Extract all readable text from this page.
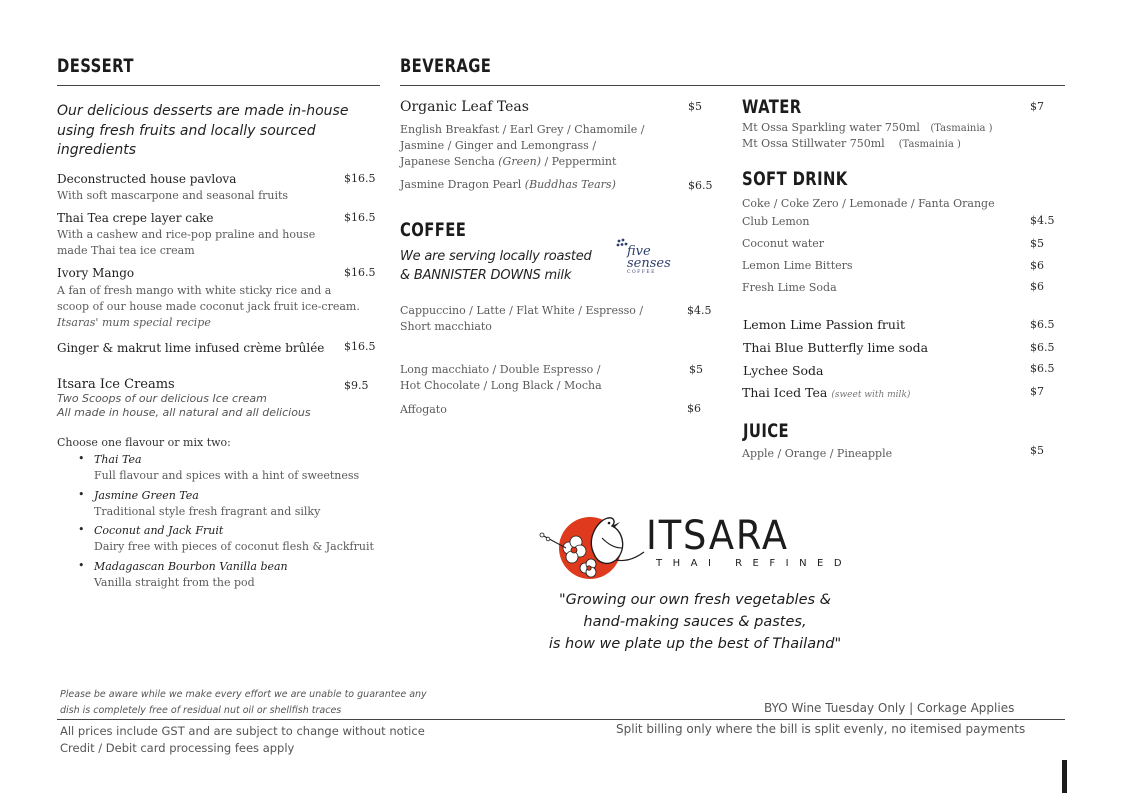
DESSERT
Our delicious desserts are made in-house using fresh fruits and locally sourced ingredients
Deconstructed house pavlova	$16.5
With soft mascarpone and seasonal fruits
Thai Tea crepe layer cake	$16.5
With a cashew and rice-pop praline and house made Thai tea ice cream
Ivory Mango	$16.5
A fan of fresh mango with white sticky rice and a scoop of our house made coconut jack fruit ice-cream. Itsaras' mum special recipe
Ginger & makrut lime infused crème brûlée $16.5
Itsara Ice Creams	$9.5
Two Scoops of our delicious Ice cream
All made in house, all natural and all delicious
Choose one flavour or mix two:
• Thai Tea
Full flavour and spices with a hint of sweetness
• Jasmine Green Tea
Traditional style fresh fragrant and silky
• Coconut and Jack Fruit
Dairy free with pieces of coconut flesh & Jackfruit
• Madagascan Bourbon Vanilla bean
Vanilla straight from the pod
BEVERAGE
Organic Leaf Teas	$5
English Breakfast / Earl Grey / Chamomile /
Jasmine / Ginger and Lemongrass /
Japanese Sencha (Green) / Peppermint
Jasmine Dragon Pearl (Buddhas Tears)	$6.5
COFFEE
We are serving locally roasted
& BANNISTER DOWNS milk
five
senses
COFFEE
Cappuccino / Latte / Flat White / Espresso /
Short macchiato
$4.5
Long macchiato / Double Espresso /
Hot Chocolate / Long Black / Mocha
$5
Affogato	$6
WATER	$7
Mt Ossa Sparkling water 750ml (Tasmainia )
Mt Ossa Stillwater 750ml (Tasmainia )
SOFT DRINK
Coke / Coke Zero / Lemonade / Fanta Orange
Club Lemon	$4.5
Coconut water	$5
Lemon Lime Bitters	$6
Fresh Lime Soda	$6
Lemon Lime Passion fruit	$6.5
Thai Blue Butterfly lime soda	$6.5
Lychee Soda	$6.5
Thai Iced Tea (sweet with milk)	$7
JUICE
Apple / Orange / Pineapple	$5
ITSARA
THAI REFINED
"Growing our own fresh vegetables &
hand-making sauces & pastes,
is how we plate up the best of Thailand"
Please be aware while we make every effort we are unable to guarantee any
dish is completely free of residual nut oil or shellfish traces	BYO Wine Tuesday Only | Corkage Applies
All prices include GST and are subject to change without notice
Credit / Debit card processing fees apply
Split billing only where the bill is split evenly, no itemised payments
